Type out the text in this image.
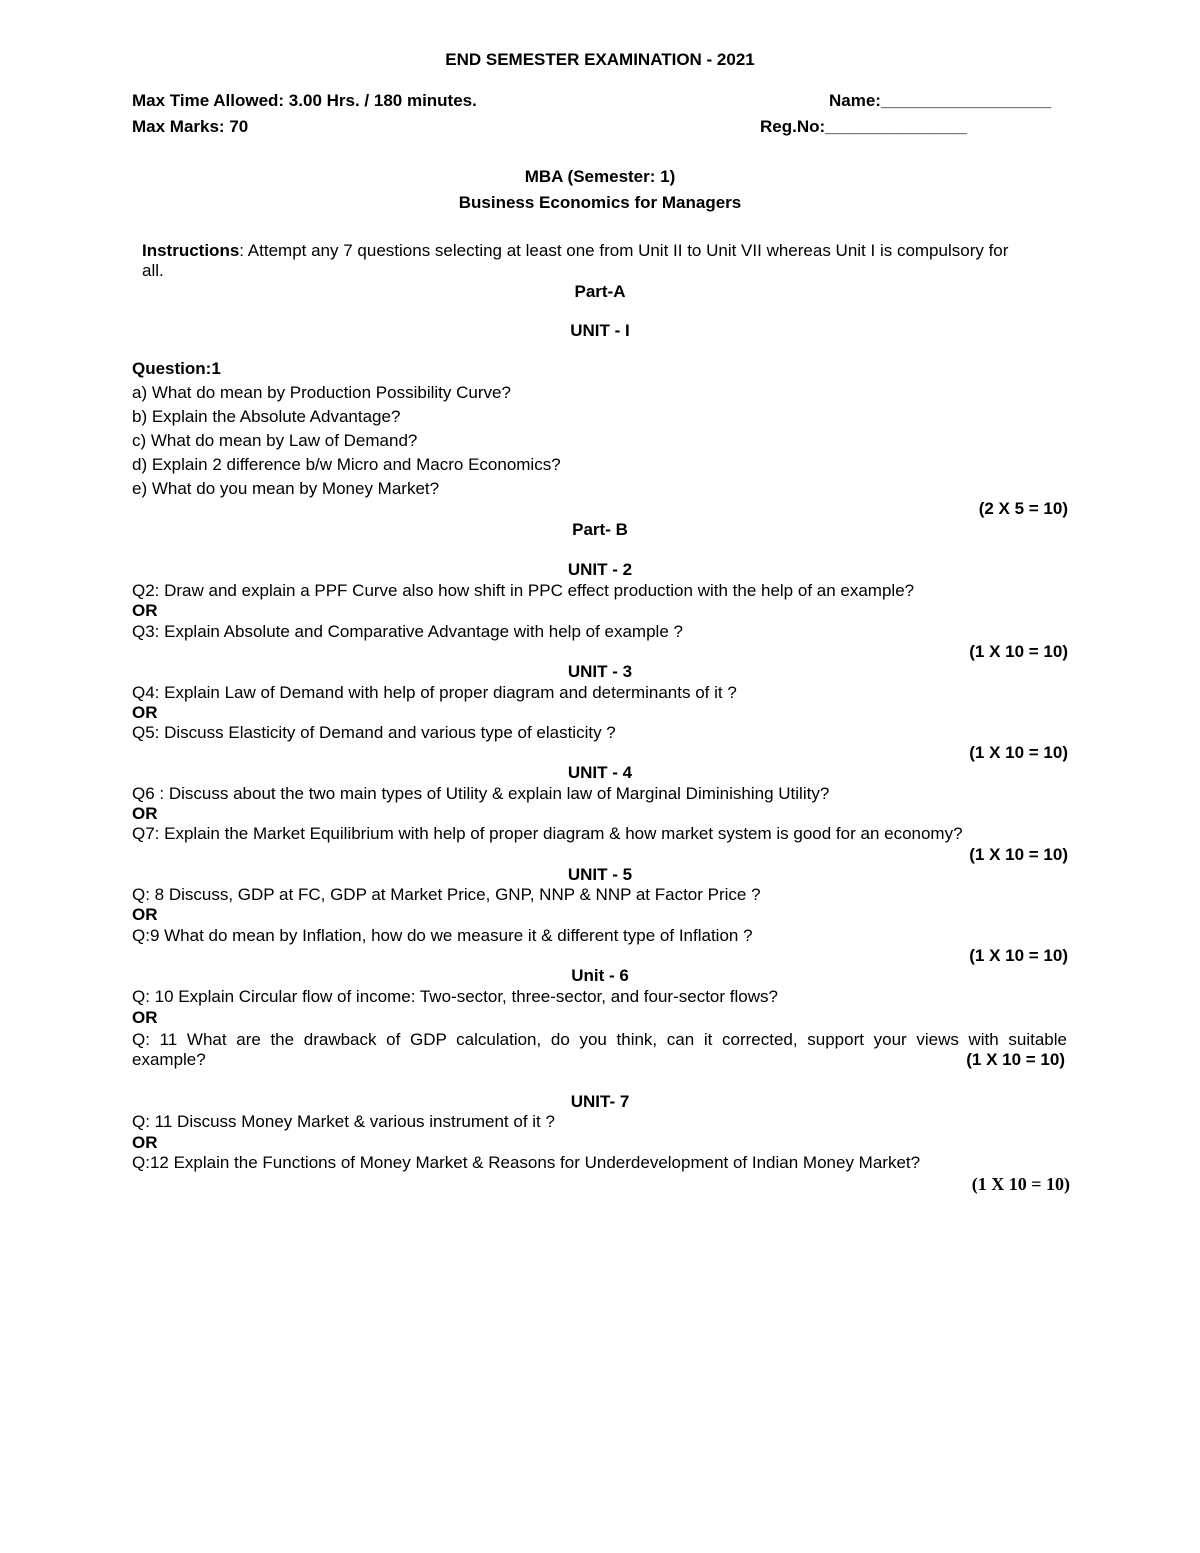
END SEMESTER EXAMINATION - 2021
Max Time Allowed: 3.00 Hrs. / 180 minutes.	Name:__________________
Max Marks: 70	Reg.No:_______________
MBA (Semester: 1)
Business Economics for Managers
Instructions: Attempt any 7 questions selecting at least one from Unit II to Unit VII whereas Unit I is compulsory for
all.
Part-A
UNIT - I
Question:1
a) What do mean by Production Possibility Curve?
b) Explain the Absolute Advantage?
c) What do mean by Law of Demand?
d) Explain 2 difference b/w Micro and Macro Economics?
e) What do you mean by Money Market?
(2 X 5 = 10)
Part- B
UNIT - 2
Q2: Draw and explain a PPF Curve also how shift in PPC effect production with the help of an example?
OR
Q3: Explain Absolute and Comparative Advantage with help of example ?
(1 X 10 = 10)
UNIT - 3
Q4: Explain Law of Demand with help of proper diagram and determinants of it ?
OR
Q5: Discuss Elasticity of Demand and various type of elasticity ?
(1 X 10 = 10)
UNIT - 4
Q6 : Discuss about the two main types of Utility & explain law of Marginal Diminishing Utility?
OR
Q7: Explain the Market Equilibrium with help of proper diagram & how market system is good for an economy?
(1 X 10 = 10)
UNIT - 5
Q: 8 Discuss, GDP at FC, GDP at Market Price, GNP, NNP & NNP at Factor Price ?
OR
Q:9 What do mean by Inflation, how do we measure it & different type of Inflation ?
(1 X 10 = 10)
Unit - 6
Q: 10 Explain Circular flow of income: Two-sector, three-sector, and four-sector flows?
OR
Q: 11 What are the drawback of GDP calculation, do you think, can it corrected, support your views with suitable
example?	(1 X 10 = 10)
UNIT- 7
Q: 11 Discuss Money Market & various instrument of it ?
OR
Q:12 Explain the Functions of Money Market & Reasons for Underdevelopment of Indian Money Market?
(1 X 10 = 10)
